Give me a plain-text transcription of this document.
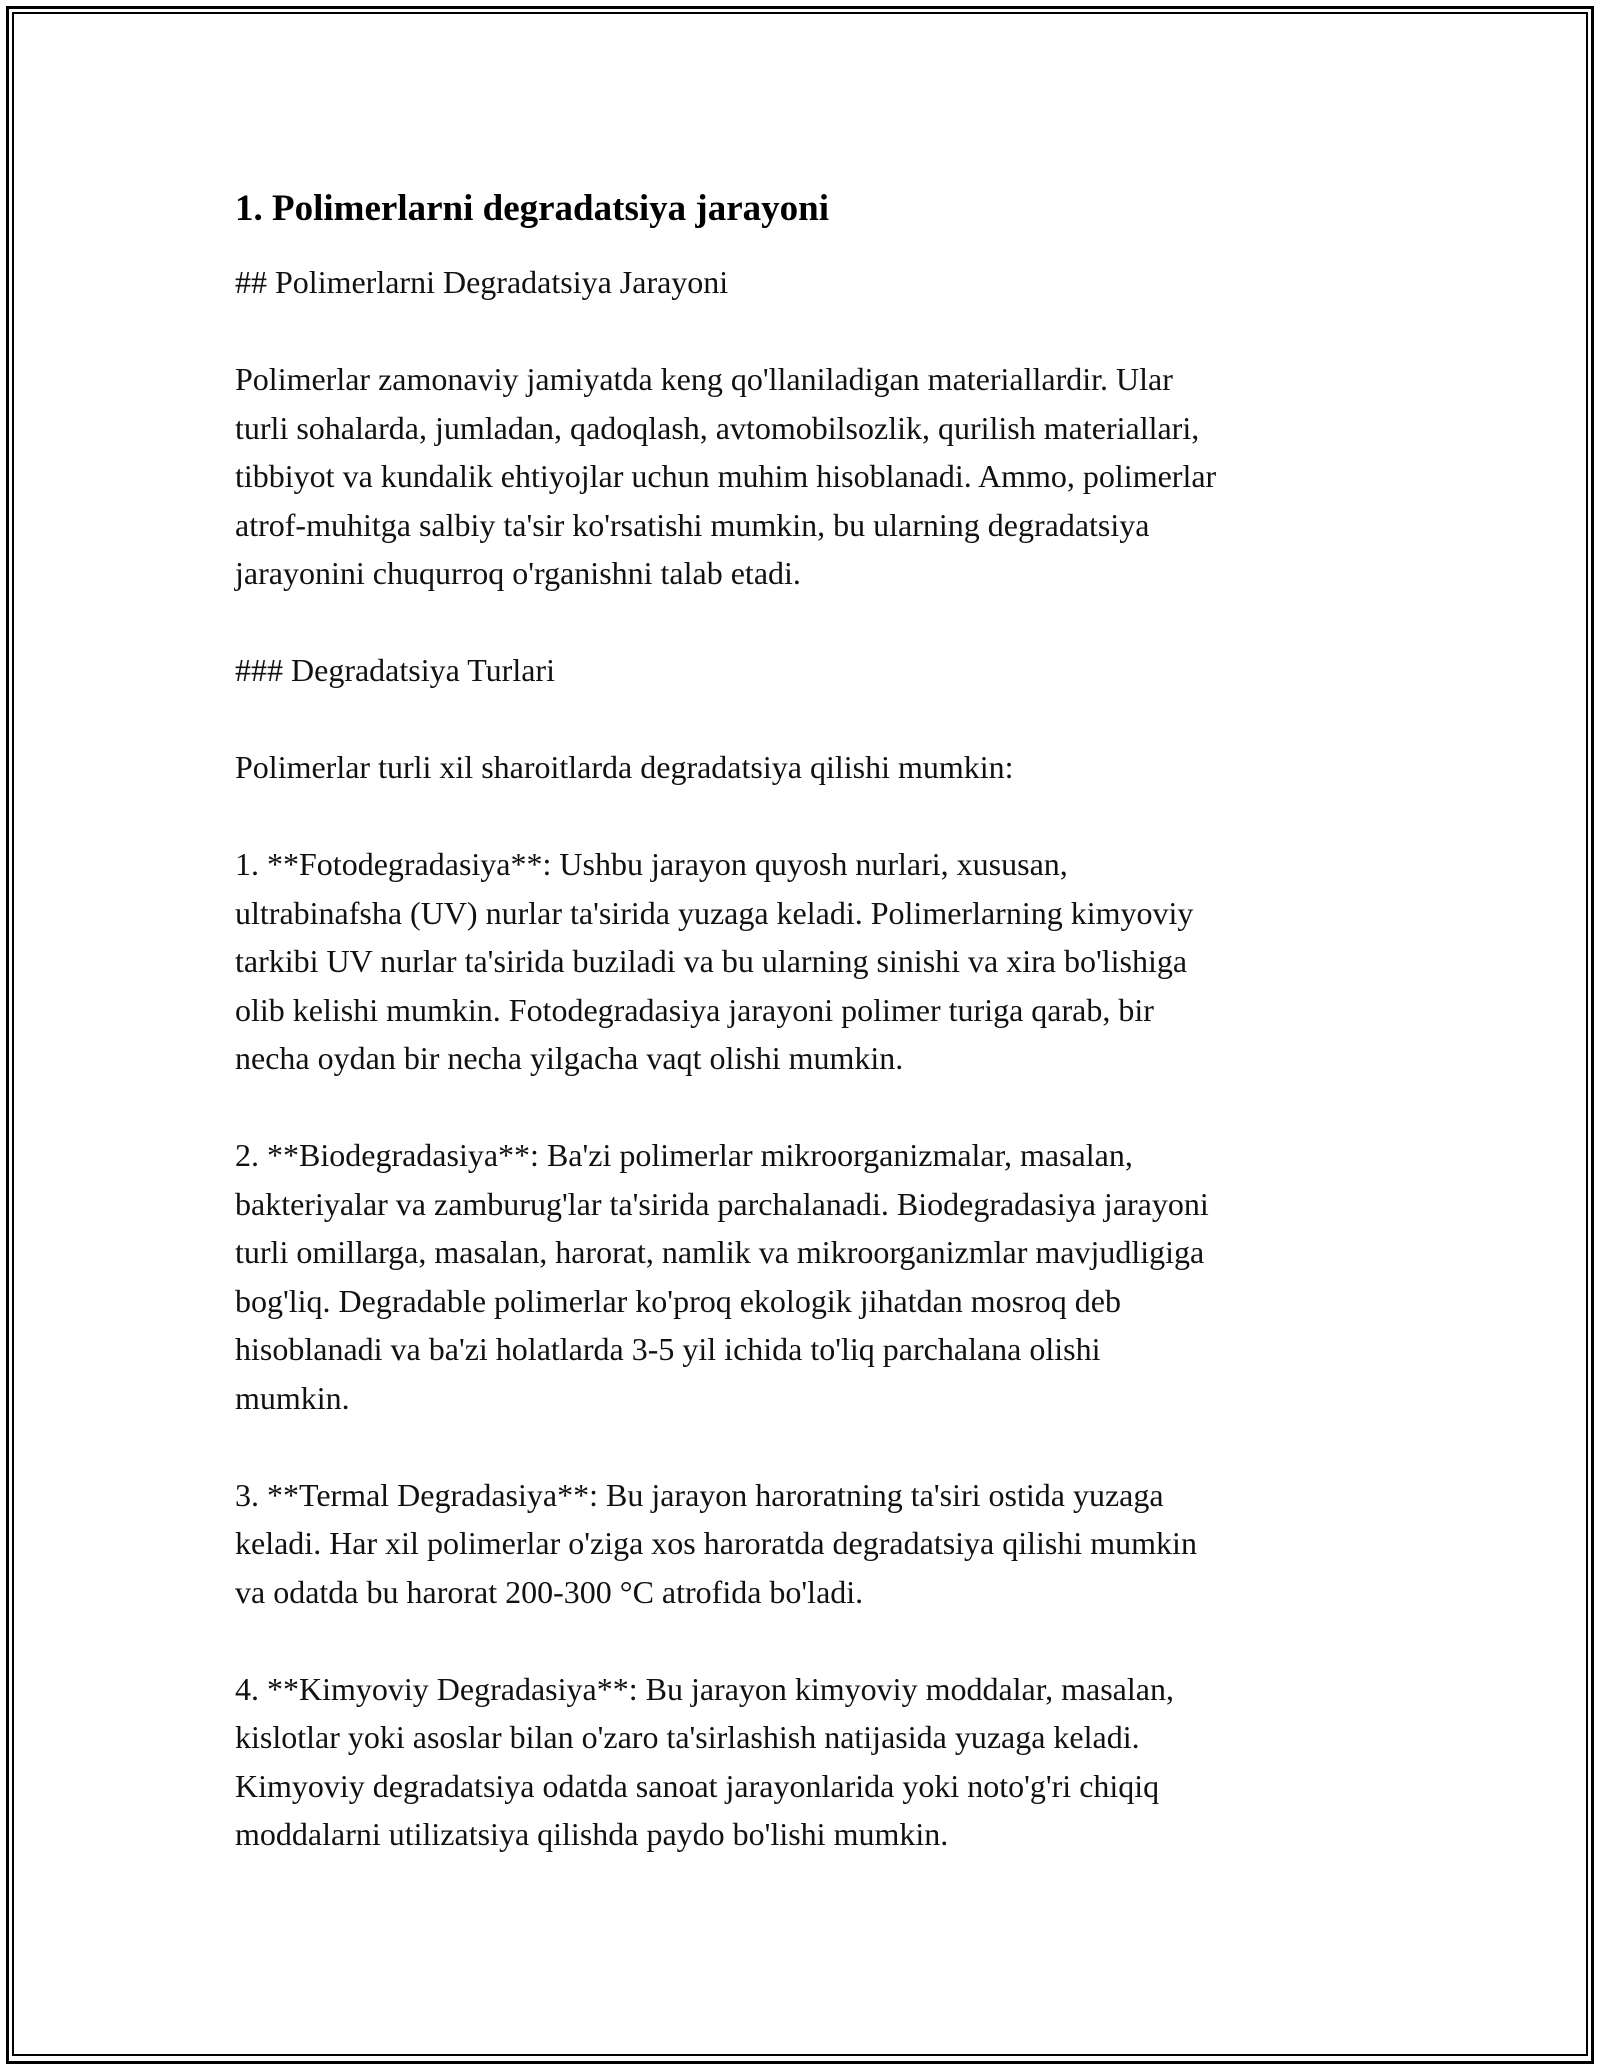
1. Polimerlarni degradatsiya jarayoni

## Polimerlarni Degradatsiya Jarayoni

Polimerlar zamonaviy jamiyatda keng qo'llaniladigan materiallardir. Ular
turli sohalarda, jumladan, qadoqlash, avtomobilsozlik, qurilish materiallari,
tibbiyot va kundalik ehtiyojlar uchun muhim hisoblanadi. Ammo, polimerlar
atrof-muhitga salbiy ta'sir ko'rsatishi mumkin, bu ularning degradatsiya
jarayonini chuqurroq o'rganishni talab etadi.

### Degradatsiya Turlari

Polimerlar turli xil sharoitlarda degradatsiya qilishi mumkin:

1. **Fotodegradasiya**: Ushbu jarayon quyosh nurlari, xususan,
ultrabinafsha (UV) nurlar ta'sirida yuzaga keladi. Polimerlarning kimyoviy
tarkibi UV nurlar ta'sirida buziladi va bu ularning sinishi va xira bo'lishiga
olib kelishi mumkin. Fotodegradasiya jarayoni polimer turiga qarab, bir
necha oydan bir necha yilgacha vaqt olishi mumkin.

2. **Biodegradasiya**: Ba'zi polimerlar mikroorganizmalar, masalan,
bakteriyalar va zamburug'lar ta'sirida parchalanadi. Biodegradasiya jarayoni
turli omillarga, masalan, harorat, namlik va mikroorganizmlar mavjudligiga
bog'liq. Degradable polimerlar ko'proq ekologik jihatdan mosroq deb
hisoblanadi va ba'zi holatlarda 3-5 yil ichida to'liq parchalana olishi
mumkin.

3. **Termal Degradasiya**: Bu jarayon haroratning ta'siri ostida yuzaga
keladi. Har xil polimerlar o'ziga xos haroratda degradatsiya qilishi mumkin
va odatda bu harorat 200-300 °C atrofida bo'ladi.

4. **Kimyoviy Degradasiya**: Bu jarayon kimyoviy moddalar, masalan,
kislotlar yoki asoslar bilan o'zaro ta'sirlashish natijasida yuzaga keladi.
Kimyoviy degradatsiya odatda sanoat jarayonlarida yoki noto'g'ri chiqiq
moddalarni utilizatsiya qilishda paydo bo'lishi mumkin.
